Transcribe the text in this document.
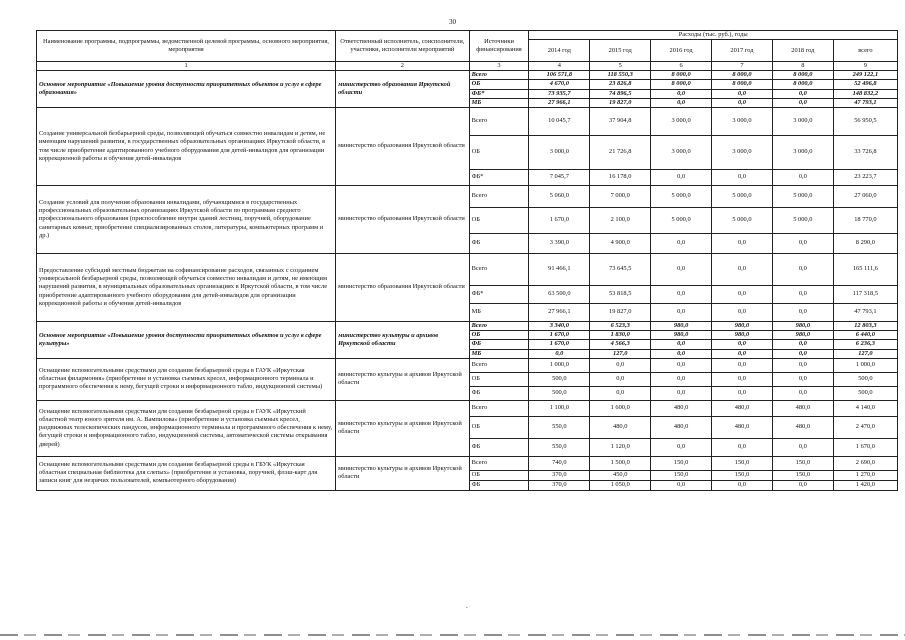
30
Наименование программы, подпрограммы, ведомственной целевой программы, основного мероприятия, мероприятия	Ответственный исполнитель, соисполнители, участники, исполнители мероприятий	Источники финансирования	Расходы (тыс. руб.), годы					
			2014 год	2015 год	2016 год	2017 год	2018 год	всего
1	2	3	4	5	6	7	8	9
Основное мероприятие «Повышение уровня доступности приоритетных объектов и услуг в сфере образования»	министерство образования Иркутской области	Всего	106 571,8	118 550,3	8 000,0	8 000,0	8 000,0	249 122,1
		ОБ	4 670,0	23 826,8	8 000,0	8 000,0	8 000,0	52 496,8
		ФБ*	73 935,7	74 896,5	0,0	0,0	0,0	148 832,2
		МБ	27 966,1	19 827,0	0,0	0,0	0,0	47 793,1
Создание универсальной безбарьерной среды, позволяющей обучаться совместно инвалидам и детям, не имеющим нарушений развития, в государственных образовательных организациях Иркутской области, в том числе приобретение адаптированного учебного оборудования для детей-инвалидов для организации коррекционной работы и обучения детей-инвалидов	министерство образования Иркутской области	Всего	10 045,7	37 904,8	3 000,0	3 000,0	3 000,0	56 950,5
		ОБ	3 000,0	21 726,8	3 000,0	3 000,0	3 000,0	33 726,8
		ФБ*	7 045,7	16 178,0	0,0	0,0	0,0	23 223,7
Создание условий для получения образования инвалидами, обучающимися в государственных профессиональных образовательных организациях Иркутской области по программам среднего профессионального образования (приспособление внутри зданий лестниц, поручней, оборудование санитарных комнат, приобретение специализированных столов, литературы, компьютерных программ и др.)	министерство образования Иркутской области	Всего	5 060,0	7 000,0	5 000,0	5 000,0	5 000,0	27 060,0
		ОБ	1 670,0	2 100,0	5 000,0	5 000,0	5 000,0	18 770,0
		ФБ	3 390,0	4 900,0	0,0	0,0	0,0	8 290,0
Предоставление субсидий местным бюджетам на софинансирование расходов, связанных с созданием универсальной безбарьерной среды, позволяющей обучаться совместно инвалидам и детям, не имеющим нарушений развития, в муниципальных образовательных организациях в Иркутской области, в том числе приобретение адаптированного учебного оборудования для детей-инвалидов для организации коррекционной работы и обучения детей-инвалидов	министерство образования Иркутской области	Всего	91 466,1	73 645,5	0,0	0,0	0,0	165 111,6
		ФБ*	63 500,0	53 818,5	0,0	0,0	0,0	117 318,5
		МБ	27 966,1	19 827,0	0,0	0,0	0,0	47 793,1
Основное мероприятие «Повышение уровня доступности приоритетных объектов и услуг в сфере культуры»	министерство культуры и архивов Иркутской области	Всего	3 340,0	6 523,3	980,0	980,0	980,0	12 803,3
		ОБ	1 670,0	1 830,0	980,0	980,0	980,0	6 440,0
		ФБ	1 670,0	4 566,3	0,0	0,0	0,0	6 236,3
		МБ	0,0	127,0	0,0	0,0	0,0	127,0
Оснащение вспомогательными средствами для создания безбарьерной среды в ГАУК «Иркутская областная филармония» (приобретение и установка съемных кресел, информационного терминала и программного обеспечения к нему, бегущей строки и информационного табло, индукционной системы)	министерство культуры и архивов Иркутской области	Всего	1 000,0	0,0	0,0	0,0	0,0	1 000,0
		ОБ	500,0	0,0	0,0	0,0	0,0	500,0
		ФБ	500,0	0,0	0,0	0,0	0,0	500,0
Оснащение вспомогательными средствами для создания безбарьерной среды в ГАУК «Иркутский областной театр юного зрителя им. А. Вампилова» (приобретение и установка съемных кресел, раздвижных телескопических пандусов, информационного терминала и программного обеспечения к нему, бегущей строки и информационного табло, индукционной системы, автоматической системы открывания дверей)	министерство культуры и архивов Иркутской области	Всего	1 100,0	1 600,0	480,0	480,0	480,0	4 140,0
		ОБ	550,0	480,0	480,0	480,0	480,0	2 470,0
		ФБ	550,0	1 120,0	0,0	0,0	0,0	1 670,0
Оснащение вспомогательными средствами для создания безбарьерной среды в ГБУК «Иркутская областная специальная библиотека для слепых» (приобретение и установка, поручней, флэш-карт для записи книг для незрячих пользователей, компьютерного оборудования)	министерство культуры и архивов Иркутской области	Всего	740,0	1 500,0	150,0	150,0	150,0	2 690,0
		ОБ	370,0	450,0	150,0	150,0	150,0	1 270,0
		ФБ	370,0	1 050,0	0,0	0,0	0,0	1 420,0
.
